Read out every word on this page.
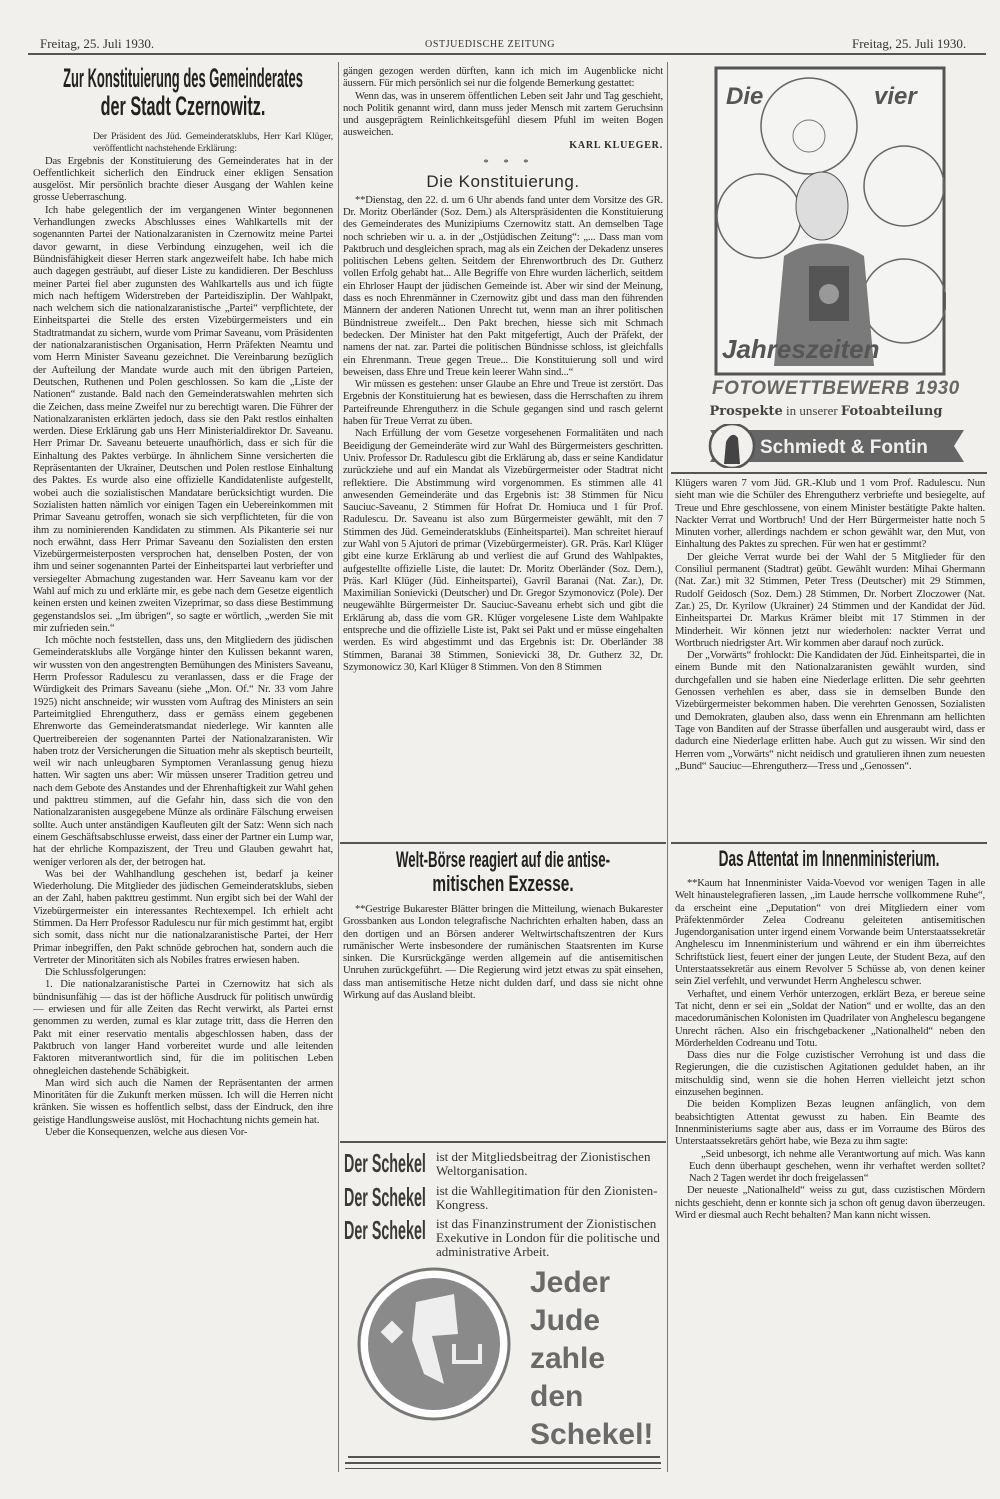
Freitag, 25. Juli 1930.	OSTJUEDISCHE ZEITUNG	Freitag, 25. Juli 1930.
Zur Konstituierung des Gemeinderates
der Stadt Czernowitz.

Der Präsident des Jüd. Gemeinderatsklubs, Herr Karl Klüger, veröffentlicht nachstehende Erklärung:

Das Ergebnis der Konstituierung des Gemeinderates hat in der Oeffentlichkeit sicherlich den Eindruck einer ekligen Sensation ausgelöst. Mir persönlich brachte dieser Ausgang der Wahlen keine grosse Ueberraschung.

Ich habe gelegentlich der im vergangenen Winter begonnenen Verhandlungen zwecks Abschlusses eines Wahlkartells mit der sogenannten Partei der Nationalzaranisten in Czernowitz meine Partei davor gewarnt, in diese Verbindung einzugehen, weil ich die Bündnisfähigkeit dieser Herren stark angezweifelt habe. Ich habe mich auch dagegen gesträubt, auf dieser Liste zu kandidieren. Der Beschluss meiner Partei fiel aber zugunsten des Wahlkartells aus und ich fügte mich nach heftigem Widerstreben der Parteidisziplin. Der Wahlpakt, nach welchem sich die nationalzaranistische „Partei“ verpflichtete, der Einheitspartei die Stelle des ersten Vizebürgermeisters und ein Stadtratmandat zu sichern, wurde vom Primar Saveanu, vom Präsidenten der nationalzaranistischen Organisation, Herrn Präfekten Neamtu und vom Herrn Minister Saveanu gezeichnet. Die Vereinbarung bezüglich der Aufteilung der Mandate wurde auch mit den übrigen Parteien, Deutschen, Ruthenen und Polen geschlossen. So kam die „Liste der Nationen“ zustande. Bald nach den Gemeinderatswahlen mehrten sich die Zeichen, dass meine Zweifel nur zu berechtigt waren. Die Führer der Nationalzaranisten erklärten jedoch, dass sie den Pakt restlos einhalten werden. Diese Erklärung gab uns Herr Ministerialdirektor Dr. Saveanu. Herr Primar Dr. Saveanu beteuerte unaufhörlich, dass er sich für die Einhaltung des Paktes verbürge. In ähnlichem Sinne versicherten die Repräsentanten der Ukrainer, Deutschen und Polen restlose Einhaltung des Paktes. Es wurde also eine offizielle Kandidatenliste aufgestellt, wobei auch die sozialistischen Mandatare berücksichtigt wurden. Die Sozialisten hatten nämlich vor einigen Tagen ein Uebereinkommen mit Primar Saveanu getroffen, wonach sie sich verpflichteten, für die von ihm zu nominierenden Kandidaten zu stimmen. Als Pikanterie sei nur noch erwähnt, dass Herr Primar Saveanu den Sozialisten den ersten Vizebürgermeisterposten versprochen hat, denselben Posten, der von ihm und seiner sogenannten Partei der Einheitspartei laut verbriefter und versiegelter Abmachung zugestanden war. Herr Saveanu kam vor der Wahl auf mich zu und erklärte mir, es gebe nach dem Gesetze eigentlich keinen ersten und keinen zweiten Vizeprimar, so dass diese Bestimmung gegenstandslos sei. „Im übrigen“, so sagte er wörtlich, „werden Sie mit mir zufrieden sein.“

Ich möchte noch feststellen, dass uns, den Mitgliedern des jüdischen Gemeinderatsklubs alle Vorgänge hinter den Kulissen bekannt waren, wir wussten von den angestrengten Bemühungen des Ministers Saveanu, Herrn Professor Radulescu zu veranlassen, dass er die Frage der Würdigkeit des Primars Saveanu (siehe „Mon. Of.“ Nr. 33 vom Jahre 1925) nicht anschneide; wir wussten vom Auftrag des Ministers an sein Parteimitglied Ehrengutherz, dass er gemäss einem gegebenen Ehrenworte das Gemeinderatsmandat niederlege. Wir kannten alle Quertreibereien der sogenannten Partei der Nationalzaranisten. Wir haben trotz der Versicherungen die Situation mehr als skeptisch beurteilt, weil wir nach unleugbaren Symptomen Veranlassung genug hiezu hatten. Wir sagten uns aber: Wir müssen unserer Tradition getreu und nach dem Gebote des Anstandes und der Ehrenhaftigkeit zur Wahl gehen und pakttreu stimmen, auf die Gefahr hin, dass sich die von den Nationalzaranisten ausgegebene Münze als ordinäre Fälschung erweisen sollte. Auch unter anständigen Kaufleuten gilt der Satz: Wenn sich nach einem Geschäftsabschlusse erweist, dass einer der Partner ein Lump war, hat der ehrliche Kompaziszent, der Treu und Glauben gewahrt hat, weniger verloren als der, der betrogen hat.

Was bei der Wahlhandlung geschehen ist, bedarf ja keiner Wiederholung. Die Mitglieder des jüdischen Gemeinderatsklubs, sieben an der Zahl, haben pakttreu gestimmt. Nun ergibt sich bei der Wahl der Vizebürgermeister ein interessantes Rechtexempel. Ich erhielt acht Stimmen. Da Herr Professor Radulescu nur für mich gestimmt hat, ergibt sich somit, dass nicht nur die nationalzaranistische Partei, der Herr Primar inbegriffen, den Pakt schnöde gebrochen hat, sondern auch die Vertreter der Minoritäten sich als Nobiles fratres erwiesen haben.

Die Schlussfolgerungen:

1. Die nationalzaranistische Partei in Czernowitz hat sich als bündnisunfähig — das ist der höfliche Ausdruck für politisch unwürdig — erwiesen und für alle Zeiten das Recht verwirkt, als Partei ernst genommen zu werden, zumal es klar zutage tritt, dass die Herren den Pakt mit einer reservatio mentalis abgeschlossen haben, dass der Paktbruch von langer Hand vorbereitet wurde und alle leitenden Faktoren mitverantwortlich sind, für die im politischen Leben ohnegleichen dastehende Schäbigkeit.

Man wird sich auch die Namen der Repräsentanten der armen Minoritäten für die Zukunft merken müssen. Ich will die Herren nicht kränken. Sie wissen es hoffentlich selbst, dass der Eindruck, den ihre geistige Handlungsweise auslöst, mit Hochachtung nichts gemein hat.

Ueber die Konsequenzen, welche aus diesen Vor-

gängen gezogen werden dürften, kann ich mich im Augenblicke nicht äussern. Für mich persönlich sei nur die folgende Bemerkung gestattet:

Wenn das, was in unserem öffentlichen Leben seit Jahr und Tag geschieht, noch Politik genannt wird, dann muss jeder Mensch mit zartem Geruchsinn und ausgeprägtem Reinlichkeitsgefühl diesem Pfuhl im weiten Bogen ausweichen.

KARL KLUEGER.

* * *

Die Konstituierung.

**Dienstag, den 22. d. um 6 Uhr abends fand unter dem Vorsitze des GR. Dr. Moritz Oberländer (Soz. Dem.) als Alterspräsidenten die Konstituierung des Gemeinderates des Munizipiums Czernowitz statt. An demselben Tage noch schrieben wir u. a. in der „Ostjüdischen Zeitung“: „... Dass man vom Paktbruch und desgleichen sprach, mag als ein Zeichen der Dekadenz unseres politischen Lebens gelten. Seitdem der Ehrenwortbruch des Dr. Gutherz vollen Erfolg gehabt hat... Alle Begriffe von Ehre wurden lächerlich, seitdem ein Ehrloser Haupt der jüdischen Gemeinde ist. Aber wir sind der Meinung, dass es noch Ehrenmänner in Czernowitz gibt und dass man den führenden Männern der anderen Nationen Unrecht tut, wenn man an ihrer politischen Bündnistreue zweifelt... Den Pakt brechen, hiesse sich mit Schmach bedecken. Der Minister hat den Pakt mitgefertigt, Auch der Präfekt, der namens der nat. zar. Partei die politischen Bündnisse schloss, ist gleichfalls ein Ehrenmann. Treue gegen Treue... Die Konstituierung soll und wird beweisen, dass Ehre und Treue kein leerer Wahn sind...“

Wir müssen es gestehen: unser Glaube an Ehre und Treue ist zerstört. Das Ergebnis der Konstituierung hat es bewiesen, dass die Herrschaften zu ihrem Parteifreunde Ehrengutherz in die Schule gegangen sind und rasch gelernt haben für Treue Verrat zu üben.

Nach Erfüllung der vom Gesetze vorgesehenen Formalitäten und nach Beeidigung der Gemeinderäte wird zur Wahl des Bürgermeisters geschritten. Univ. Professor Dr. Radulescu gibt die Erklärung ab, dass er seine Kandidatur zurückziehe und auf ein Mandat als Vizebürgermeister oder Stadtrat nicht reflektiere. Die Abstimmung wird vorgenommen. Es stimmen alle 41 anwesenden Gemeinderäte und das Ergebnis ist: 38 Stimmen für Nicu Sauciuc-Saveanu, 2 Stimmen für Hofrat Dr. Homiuca und 1 für Prof. Radulescu. Dr. Saveanu ist also zum Bürgermeister gewählt, mit den 7 Stimmen des Jüd. Gemeinderatsklubs (Einheitspartei). Man schreitet hierauf zur Wahl von 5 Ajutori de primar (Vizebürgermeister). GR. Präs. Karl Klüger gibt eine kurze Erklärung ab und verliest die auf Grund des Wahlpaktes, aufgestellte offizielle Liste, die lautet: Dr. Moritz Oberländer (Soz. Dem.), Präs. Karl Klüger (Jüd. Einheitspartei), Gavril Baranai (Nat. Zar.), Dr. Maximilian Sonievicki (Deutscher) und Dr. Gregor Szymonovicz (Pole). Der neugewählte Bürgermeister Dr. Sauciuc-Saveanu erhebt sich und gibt die Erklärung ab, dass die vom GR. Klüger vorgelesene Liste dem Wahlpakte entspreche und die offizielle Liste ist, Pakt sei Pakt und er müsse eingehalten werden. Es wird abgestimmt und das Ergebnis ist: Dr. Oberländer 38 Stimmen, Baranai 38 Stimmen, Sonievicki 38, Dr. Gutherz 32, Dr. Szymonowicz 30, Karl Klüger 8 Stimmen. Von den 8 Stimmen

Welt-Börse reagiert auf die antise-
mitischen Exzesse.

**Gestrige Bukarester Blätter bringen die Mitteilung, wienach Bukarester Grossbanken aus London telegrafische Nachrichten erhalten haben, dass an den dortigen und an Börsen anderer Weltwirtschaftszentren der Kurs rumänischer Werte insbesondere der rumänischen Staatsrenten im Kurse sinken. Die Kursrückgänge werden allgemein auf die antisemitischen Unruhen zurückgeführt. — Die Regierung wird jetzt etwas zu spät einsehen, dass man antisemitische Hetze nicht dulden darf, und dass sie nicht ohne Wirkung auf das Ausland bleibt.

Der Schekel ist der Mitgliedsbeitrag der Zionistischen Weltorganisation.
Der Schekel ist die Wahllegitimation für den Zionisten-Kongress.
Der Schekel ist das Finanzinstrument der Zionistischen Exekutive in London für die politische und administrative Arbeit.
Jeder
Jude
zahle
den
Schekel!
Die	vier
Jahreszeiten
FOTOWETTBEWERB 1930
Prospekte in unserer Fotoabteilung
Schmiedt & Fontin

Klügers waren 7 vom Jüd. GR.-Klub und 1 vom Prof. Radulescu. Nun sieht man wie die Schüler des Ehrengutherz verbriefte und besiegelte, auf Treue und Ehre geschlossene, von einem Minister bestätigte Pakte halten. Nackter Verrat und Wortbruch! Und der Herr Bürgermeister hatte noch 5 Minuten vorher, allerdings nachdem er schon gewählt war, den Mut, von Einhaltung des Paktes zu sprechen. Für wen hat er gestimmt?

Der gleiche Verrat wurde bei der Wahl der 5 Mitglieder für den Consiliul permanent (Stadtrat) geübt. Gewählt wurden: Mihai Ghermann (Nat. Zar.) mit 32 Stimmen, Peter Tress (Deutscher) mit 29 Stimmen, Rudolf Geidosch (Soz. Dem.) 28 Stimmen, Dr. Norbert Zloczower (Nat. Zar.) 25, Dr. Kyrilow (Ukrainer) 24 Stimmen und der Kandidat der Jüd. Einheitspartei Dr. Markus Krämer bleibt mit 17 Stimmen in der Minderheit. Wir können jetzt nur wiederholen: nackter Verrat und Wortbruch niedrigster Art. Wir kommen aber darauf noch zurück.

Der „Vorwärts“ frohlockt: Die Kandidaten der Jüd. Einheitspartei, die in einem Bunde mit den Nationalzaranisten gewählt wurden, sind durchgefallen und sie haben eine Niederlage erlitten. Die sehr geehrten Genossen verhehlen es aber, dass sie in demselben Bunde den Vizebürgermeister bekommen haben. Die verehrten Genossen, Sozialisten und Demokraten, glauben also, dass wenn ein Ehrenmann am hellichten Tage von Banditen auf der Strasse überfallen und ausgeraubt wird, dass er dadurch eine Niederlage erlitten habe. Auch gut zu wissen. Wir sind den Herren vom „Vorwärts“ nicht neidisch und gratulieren ihnen zum neuesten „Bund“ Sauciuc—Ehrengutherz—Tress und „Genossen“.

Das Attentat im Innenministerium.

**Kaum hat Innenminister Vaida-Voevod vor wenigen Tagen in alle Welt hinaustelegrafieren lassen, „im Laude herrsche vollkommene Ruhe“, da erscheint eine „Deputation“ von drei Mitgliedern einer vom Präfektenmörder Zelea Codreanu geleiteten antisemitischen Jugendorganisation unter irgend einem Vorwande beim Unterstaatssekretär Anghelescu im Innenministerium und während er ein ihm überreichtes Schriftstück liest, feuert einer der jungen Leute, der Student Beza, auf den Unterstaatssekretär aus einem Revolver 5 Schüsse ab, von denen keiner sein Ziel verfehlt, und verwundet Herrn Anghelescu schwer.

Verhaftet, und einem Verhör unterzogen, erklärt Beza, er bereue seine Tat nicht, denn er sei ein „Soldat der Nation“ und er wollte, das an den macedorumänischen Kolonisten im Quadrilater von Anghelescu begangene Unrecht rächen. Also ein frischgebackener „Nationalheld“ neben den Mörderhelden Codreanu und Totu.

Dass dies nur die Folge cuzistischer Verrohung ist und dass die Regierungen, die die cuzistischen Agitationen geduldet haben, an ihr mitschuldig sind, wenn sie die hohen Herren vielleicht jetzt schon einzusehen beginnen.

Die beiden Komplizen Bezas leugnen anfänglich, von dem beabsichtigten Attentat gewusst zu haben. Ein Beamte des Innenministeriums sagte aber aus, dass er im Vorraume des Büros des Unterstaatssekretärs gehört habe, wie Beza zu ihm sagte:

„Seid unbesorgt, ich nehme alle Verantwortung auf mich. Was kann Euch denn überhaupt geschehen, wenn ihr verhaftet werden solltet? Nach 2 Tagen werdet ihr doch freigelassen“

Der neueste „Nationalheld“ weiss zu gut, dass cuzistischen Mördern nichts geschieht, denn er konnte sich ja schon oft genug davon überzeugen. Wird er diesmal auch Recht behalten? Man kann nicht wissen.
